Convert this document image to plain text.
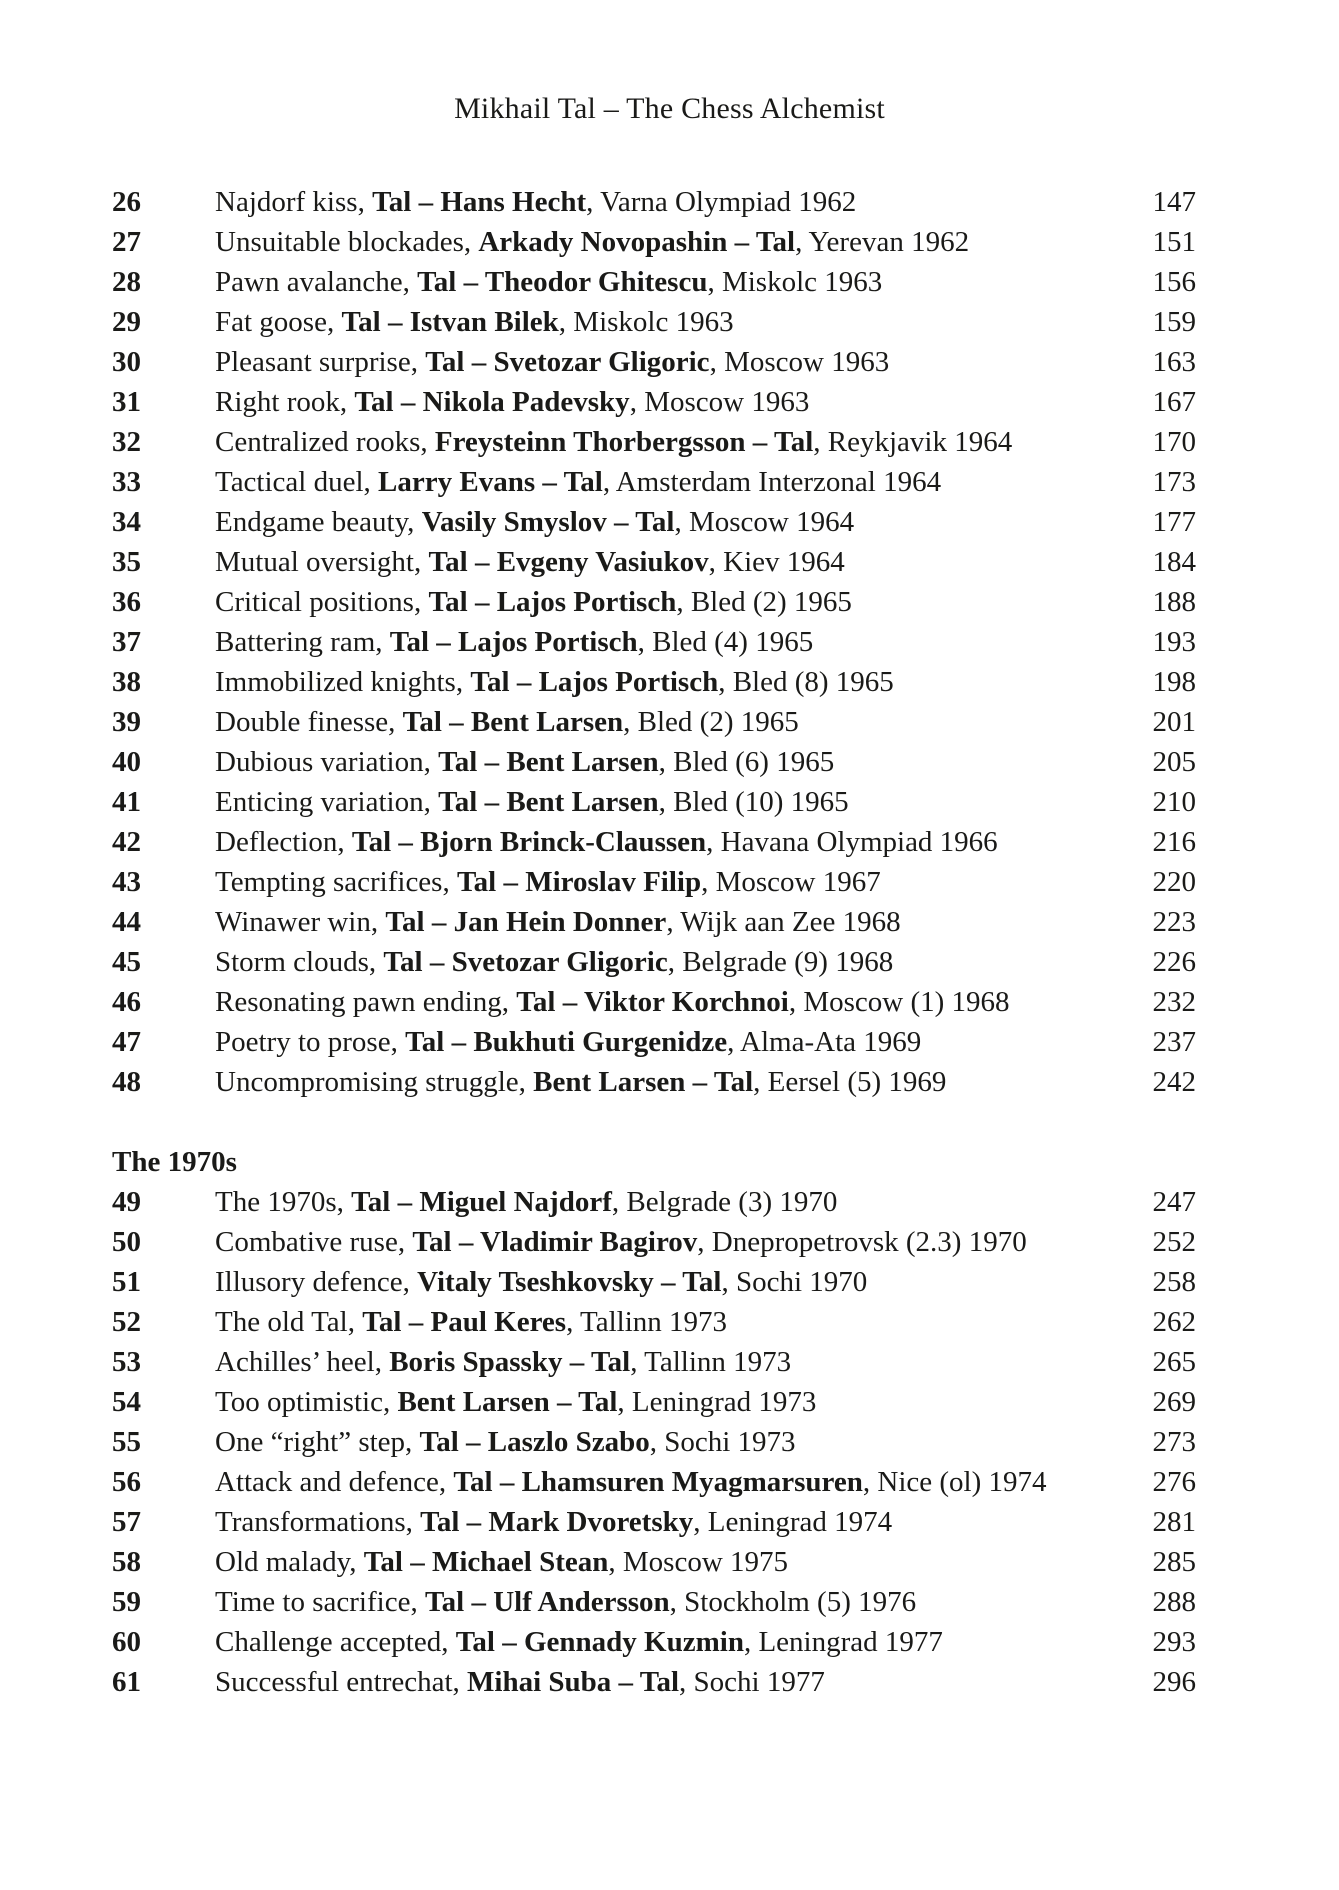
Mikhail Tal – The Chess Alchemist
26	Najdorf kiss, Tal – Hans Hecht, Varna Olympiad 1962	147
27	Unsuitable blockades, Arkady Novopashin – Tal, Yerevan 1962	151
28	Pawn avalanche, Tal – Theodor Ghitescu, Miskolc 1963	156
29	Fat goose, Tal – Istvan Bilek, Miskolc 1963	159
30	Pleasant surprise, Tal – Svetozar Gligoric, Moscow 1963	163
31	Right rook, Tal – Nikola Padevsky, Moscow 1963	167
32	Centralized rooks, Freysteinn Thorbergsson – Tal, Reykjavik 1964	170
33	Tactical duel, Larry Evans – Tal, Amsterdam Interzonal 1964	173
34	Endgame beauty, Vasily Smyslov – Tal, Moscow 1964	177
35	Mutual oversight, Tal – Evgeny Vasiukov, Kiev 1964	184
36	Critical positions, Tal – Lajos Portisch, Bled (2) 1965	188
37	Battering ram, Tal – Lajos Portisch, Bled (4) 1965	193
38	Immobilized knights, Tal – Lajos Portisch, Bled (8) 1965	198
39	Double finesse, Tal – Bent Larsen, Bled (2) 1965	201
40	Dubious variation, Tal – Bent Larsen, Bled (6) 1965	205
41	Enticing variation, Tal – Bent Larsen, Bled (10) 1965	210
42	Deflection, Tal – Bjorn Brinck-Claussen, Havana Olympiad 1966	216
43	Tempting sacrifices, Tal – Miroslav Filip, Moscow 1967	220
44	Winawer win, Tal – Jan Hein Donner, Wijk aan Zee 1968	223
45	Storm clouds, Tal – Svetozar Gligoric, Belgrade (9) 1968	226
46	Resonating pawn ending, Tal – Viktor Korchnoi, Moscow (1) 1968	232
47	Poetry to prose, Tal – Bukhuti Gurgenidze, Alma-Ata 1969	237
48	Uncompromising struggle, Bent Larsen – Tal, Eersel (5) 1969	242
The 1970s
49	The 1970s, Tal – Miguel Najdorf, Belgrade (3) 1970	247
50	Combative ruse, Tal – Vladimir Bagirov, Dnepropetrovsk (2.3) 1970	252
51	Illusory defence, Vitaly Tseshkovsky – Tal, Sochi 1970	258
52	The old Tal, Tal – Paul Keres, Tallinn 1973	262
53	Achilles’ heel, Boris Spassky – Tal, Tallinn 1973	265
54	Too optimistic, Bent Larsen – Tal, Leningrad 1973	269
55	One “right” step, Tal – Laszlo Szabo, Sochi 1973	273
56	Attack and defence, Tal – Lhamsuren Myagmarsuren, Nice (ol) 1974	276
57	Transformations, Tal – Mark Dvoretsky, Leningrad 1974	281
58	Old malady, Tal – Michael Stean, Moscow 1975	285
59	Time to sacrifice, Tal – Ulf Andersson, Stockholm (5) 1976	288
60	Challenge accepted, Tal – Gennady Kuzmin, Leningrad 1977	293
61	Successful entrechat, Mihai Suba – Tal, Sochi 1977	296
